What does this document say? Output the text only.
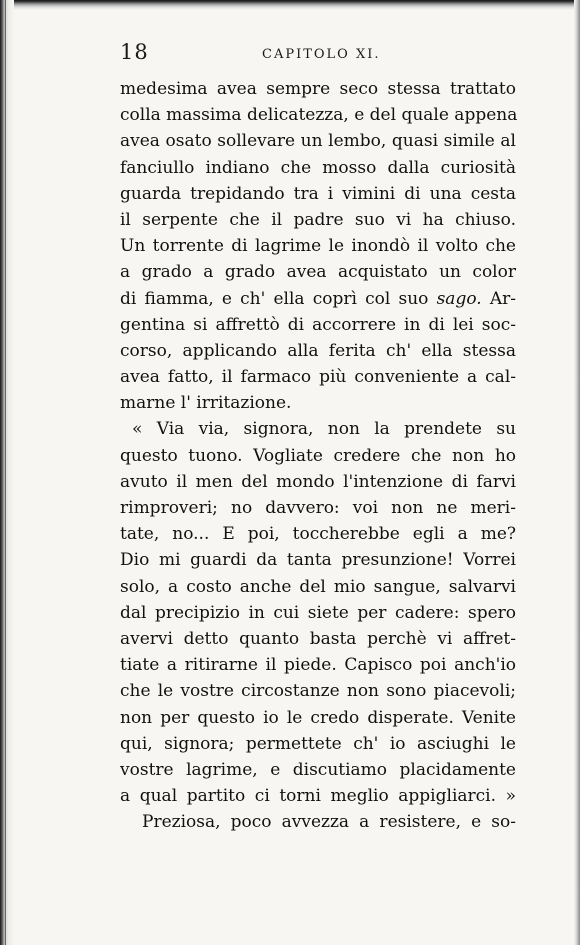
18	CAPITOLO XI.
medesima avea sempre seco stessa trattato
colla massima delicatezza, e del quale appena
avea osato sollevare un lembo, quasi simile al
fanciullo indiano che mosso dalla curiosità
guarda trepidando tra i vimini di una cesta
il serpente che il padre suo vi ha chiuso.
Un torrente di lagrime le inondò il volto che
a grado a grado avea acquistato un color
di fiamma, e ch' ella coprì col suo sago. Ar-
gentina si affrettò di accorrere in di lei soc-
corso, applicando alla ferita ch' ella stessa
avea fatto, il farmaco più conveniente a cal-
marne l' irritazione.
« Via via, signora, non la prendete su
questo tuono. Vogliate credere che non ho
avuto il men del mondo l'intenzione di farvi
rimproveri; no davvero: voi non ne meri-
tate, no... E poi, toccherebbe egli a me?
Dio mi guardi da tanta presunzione! Vorrei
solo, a costo anche del mio sangue, salvarvi
dal precipizio in cui siete per cadere: spero
avervi detto quanto basta perchè vi affret-
tiate a ritirarne il piede. Capisco poi anch'io
che le vostre circostanze non sono piacevoli;
non per questo io le credo disperate. Venite
qui, signora; permettete ch' io asciughi le
vostre lagrime, e discutiamo placidamente
a qual partito ci torni meglio appigliarci. »
Preziosa, poco avvezza a resistere, e so-
